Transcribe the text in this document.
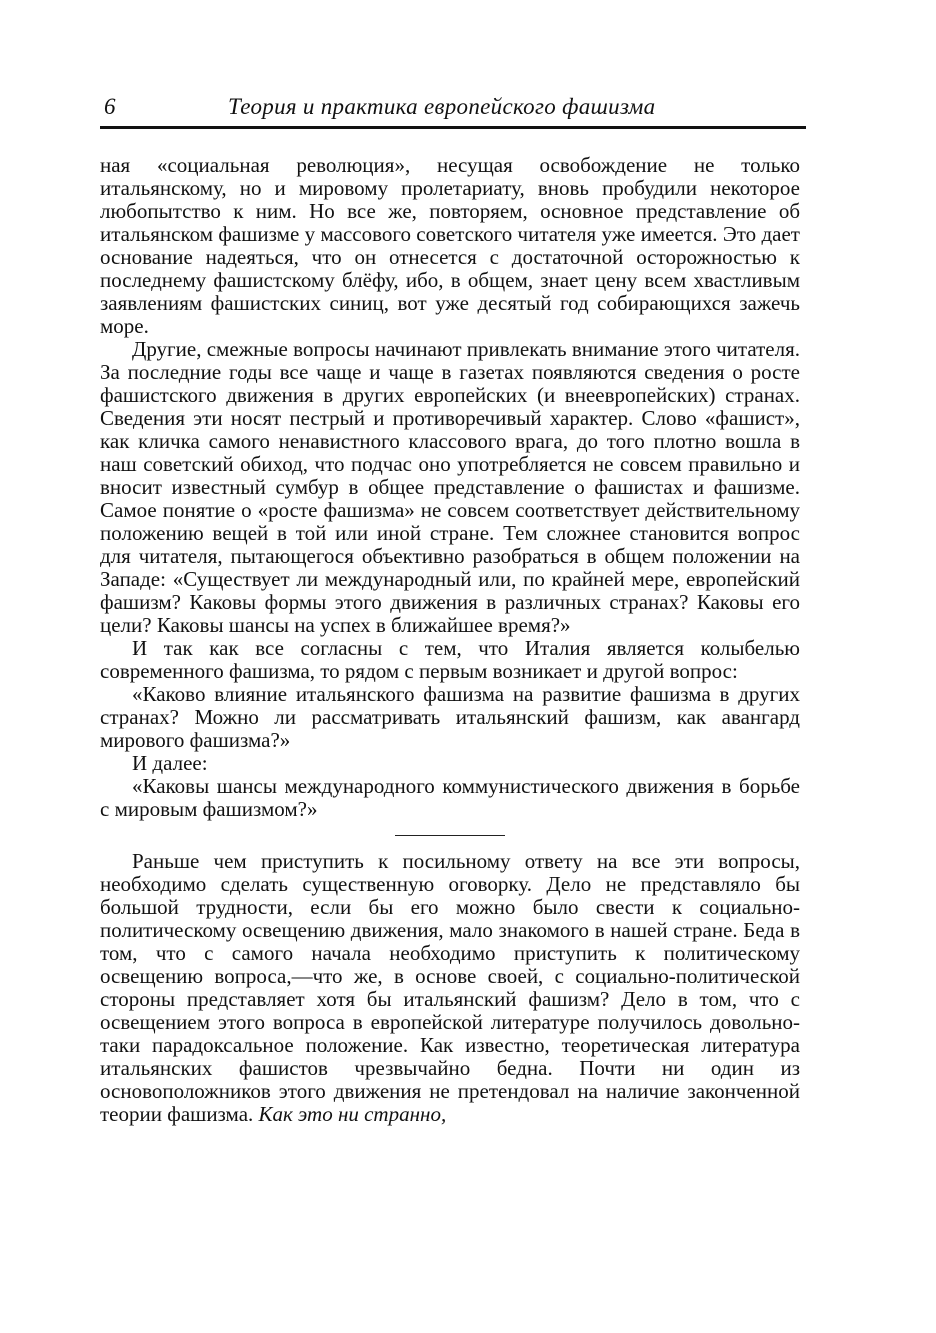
6	Теория и практика европейского фашизма

ная «социальная революция», несущая освобождение не только итальянскому, но и мировому пролетариату, вновь пробудили некоторое любопытство к ним. Но все же, повторяем, основное представление об итальянском фашизме у массового советского читателя уже имеется. Это дает основание надеяться, что он отнесется с достаточной осторожностью к последнему фашистскому блёфу, ибо, в общем, знает цену всем хвастливым заявлениям фашистских синиц, вот уже десятый год собирающихся зажечь море.

Другие, смежные вопросы начинают привлекать внимание этого читателя. За последние годы все чаще и чаще в газетах появляются сведения о росте фашистского движения в других европейских (и внеевропейских) странах. Сведения эти носят пестрый и противоречивый характер. Слово «фашист», как кличка самого ненавистного классового врага, до того плотно вошла в наш советский обиход, что подчас оно употребляется не совсем правильно и вносит известный сумбур в общее представление о фашистах и фашизме. Самое понятие о «росте фашизма» не совсем соответствует действительному положению вещей в той или иной стране. Тем сложнее становится вопрос для читателя, пытающегося объективно разобраться в общем положении на Западе: «Существует ли международный или, по крайней мере, европейский фашизм? Каковы формы этого движения в различных странах? Каковы его цели? Каковы шансы на успех в ближайшее время?»

И так как все согласны с тем, что Италия является колыбелью современного фашизма, то рядом с первым возникает и другой вопрос:

«Каково влияние итальянского фашизма на развитие фашизма в других странах? Можно ли рассматривать итальянский фашизм, как авангард мирового фашизма?»

И далее:

«Каковы шансы международного коммунистического движения в борьбе с мировым фашизмом?»

Раньше чем приступить к посильному ответу на все эти вопросы, необходимо сделать существенную оговорку. Дело не представляло бы большой трудности, если бы его можно было свести к социально-политическому освещению движения, мало знакомого в нашей стране. Беда в том, что с самого начала необходимо приступить к политическому освещению вопроса,—что же, в основе своей, с социально-политической стороны представляет хотя бы итальянский фашизм? Дело в том, что с освещением этого вопроса в европейской литературе получилось довольно-таки парадоксальное положение. Как известно, теоретическая литература итальянских фашистов чрезвычайно бедна. Почти ни один из основоположников этого движения не претендовал на наличие законченной теории фашизма. Как это ни странно,
